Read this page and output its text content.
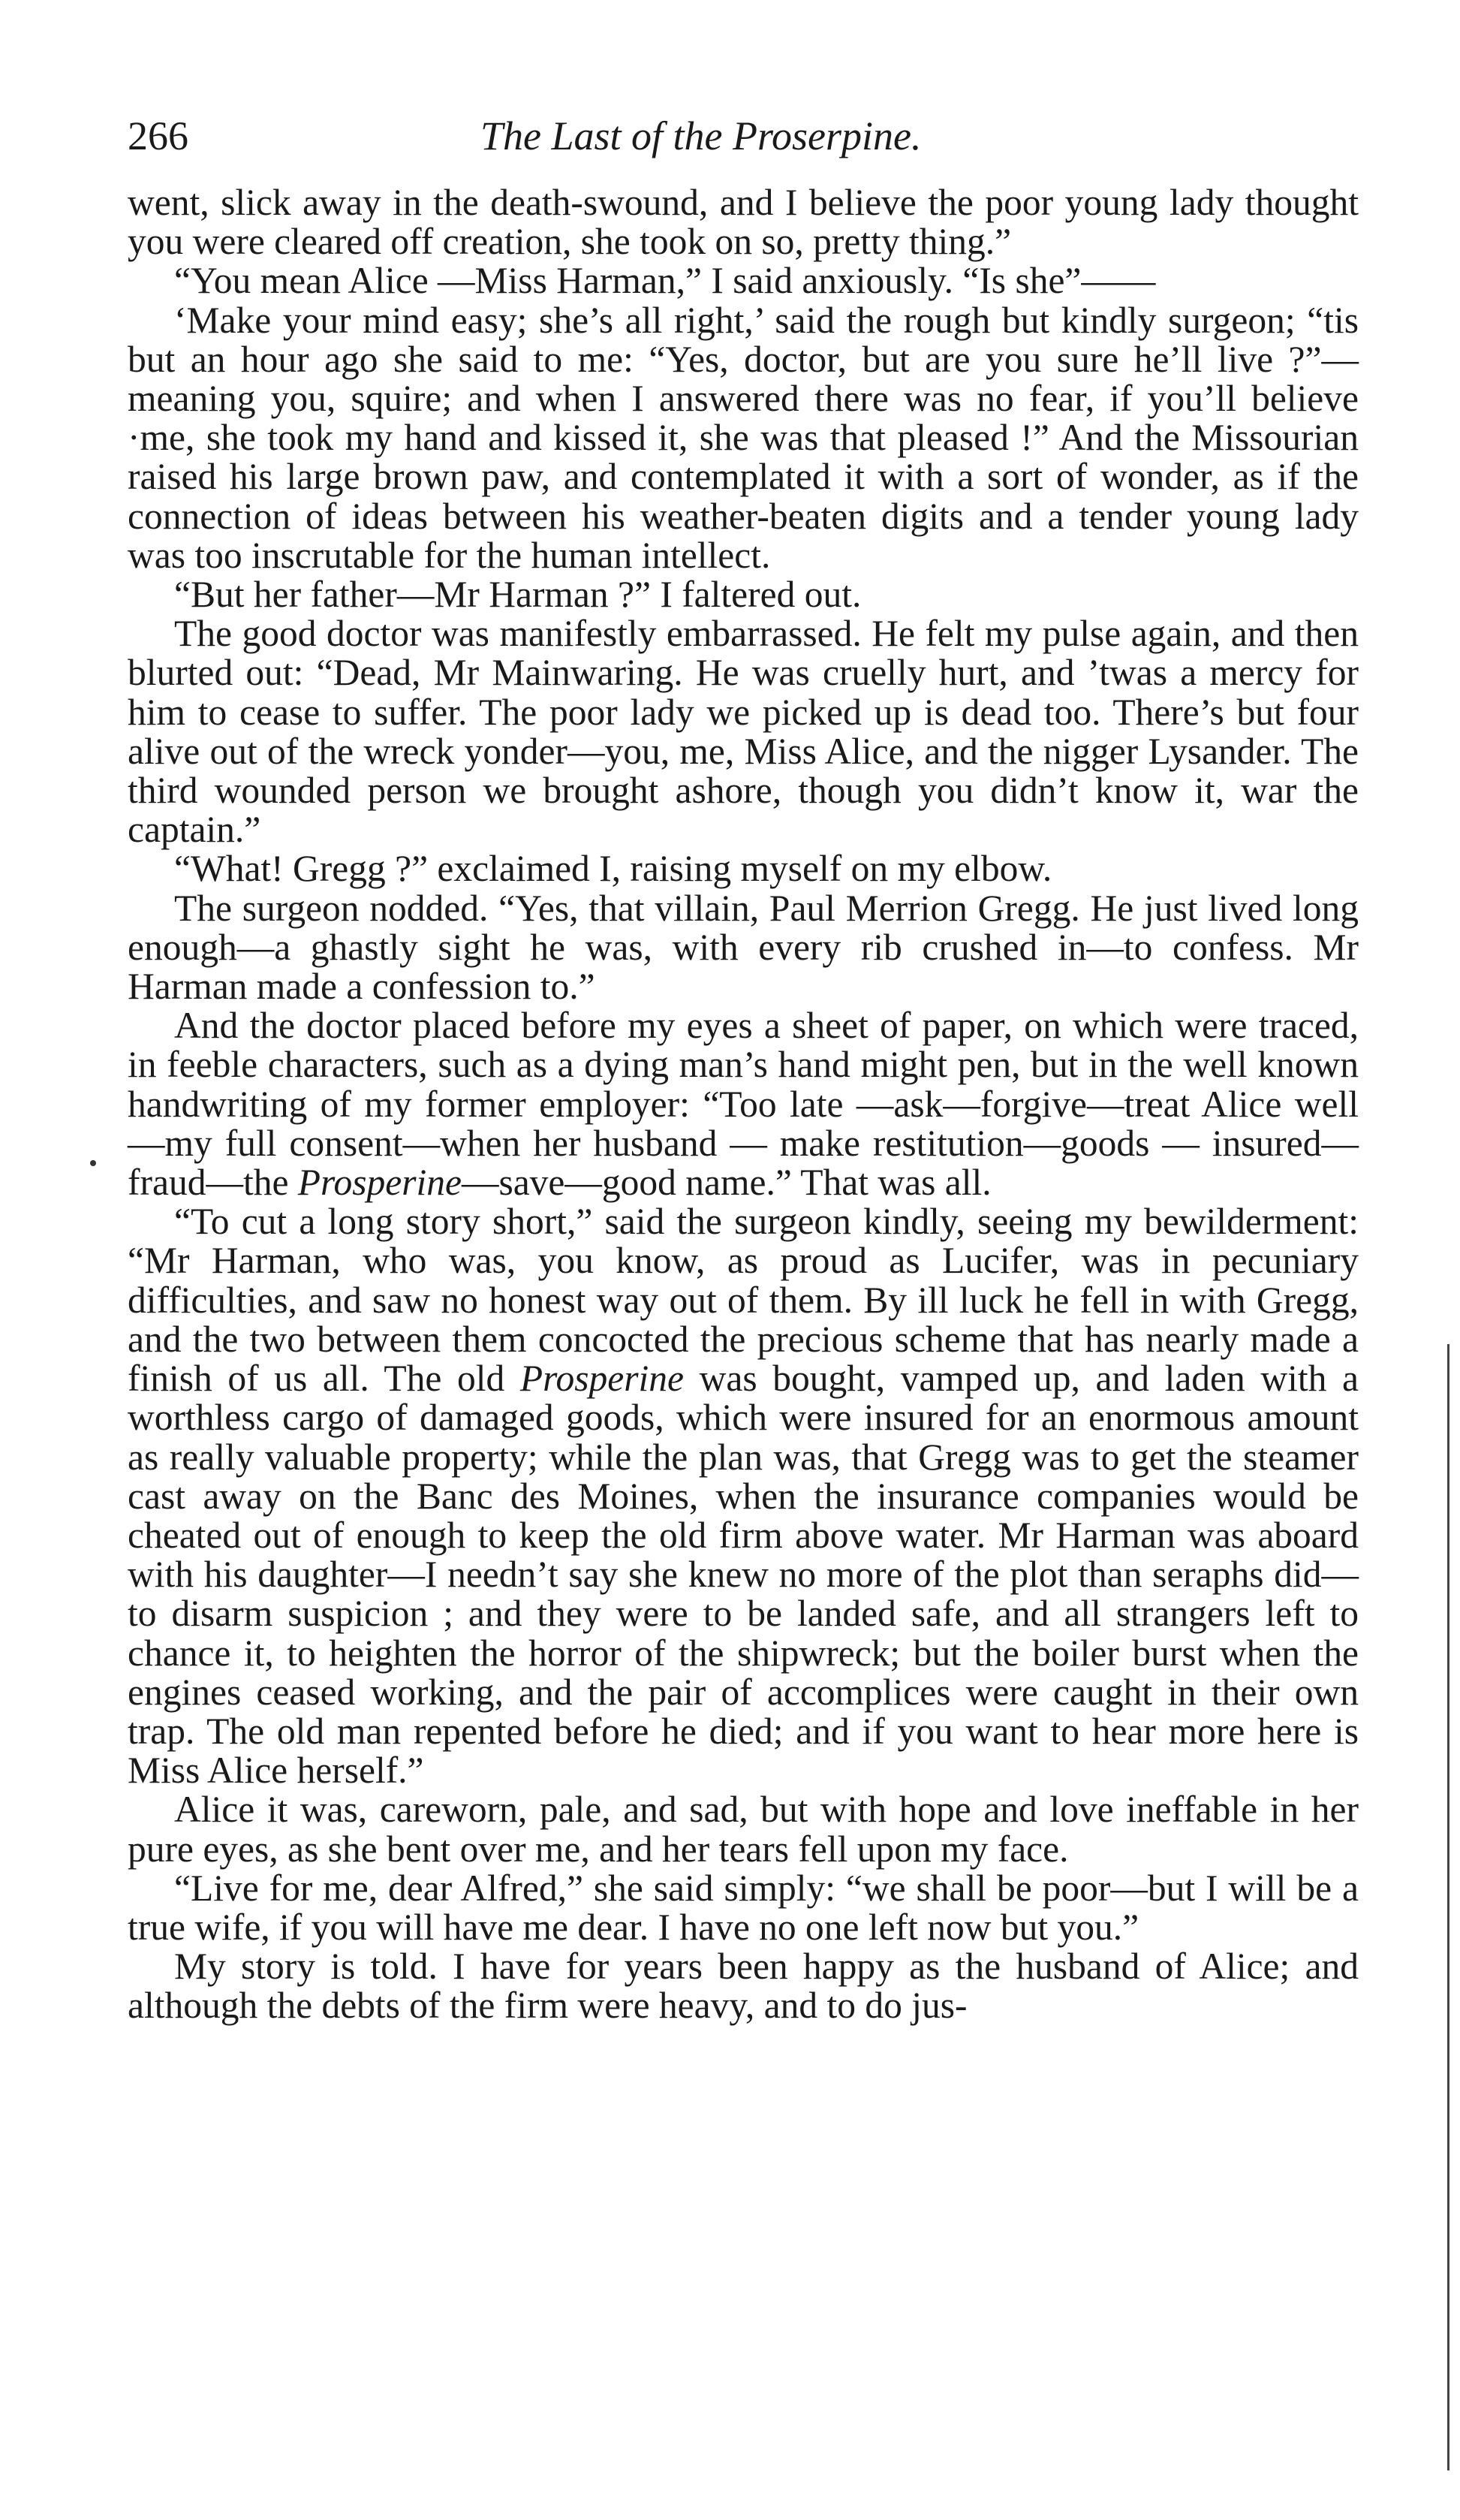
266	The Last of the Proserpine.

went, slick away in the death-swound, and I believe the poor young lady thought you were cleared off creation, she took on so, pretty thing.”

“You mean Alice —Miss Harman,” I said anxiously. “Is she”——

‘Make your mind easy; she’s all right,’ said the rough but kindly surgeon; “tis but an hour ago she said to me: “Yes, doctor, but are you sure he’ll live ?”—meaning you, squire; and when I answered there was no fear, if you’ll believe ·me, she took my hand and kissed it, she was that pleased !” And the Missourian raised his large brown paw, and contemplated it with a sort of wonder, as if the connection of ideas between his weather-beaten digits and a tender young lady was too inscrutable for the human intellect.

“But her father—Mr Harman ?” I faltered out.

The good doctor was manifestly embarrassed. He felt my pulse again, and then blurted out: “Dead, Mr Mainwaring. He was cruelly hurt, and ’twas a mercy for him to cease to suffer. The poor lady we picked up is dead too. There’s but four alive out of the wreck yonder—you, me, Miss Alice, and the nigger Lysander. The third wounded person we brought ashore, though you didn’t know it, war the captain.”

“What! Gregg ?” exclaimed I, raising myself on my elbow.

The surgeon nodded. “Yes, that villain, Paul Merrion Gregg. He just lived long enough—a ghastly sight he was, with every rib crushed in—to confess. Mr Harman made a confession to.”

And the doctor placed before my eyes a sheet of paper, on which were traced, in feeble characters, such as a dying man’s hand might pen, but in the well known handwriting of my former employer: “Too late —ask—forgive—treat Alice well—my full consent—when her husband — make restitution—goods — insured—fraud—the Prosperine—save—good name.” That was all.

“To cut a long story short,” said the surgeon kindly, seeing my bewilderment: “Mr Harman, who was, you know, as proud as Lucifer, was in pecuniary difficulties, and saw no honest way out of them. By ill luck he fell in with Gregg, and the two between them concocted the precious scheme that has nearly made a finish of us all. The old Prosperine was bought, vamped up, and laden with a worthless cargo of damaged goods, which were insured for an enormous amount as really valuable property; while the plan was, that Gregg was to get the steamer cast away on the Banc des Moines, when the insurance companies would be cheated out of enough to keep the old firm above water. Mr Harman was aboard with his daughter—I needn’t say she knew no more of the plot than seraphs did—to disarm suspicion ; and they were to be landed safe, and all strangers left to chance it, to heighten the horror of the shipwreck; but the boiler burst when the engines ceased working, and the pair of accomplices were caught in their own trap. The old man repented before he died; and if you want to hear more here is Miss Alice herself.”

Alice it was, careworn, pale, and sad, but with hope and love ineffable in her pure eyes, as she bent over me, and her tears fell upon my face.

“Live for me, dear Alfred,” she said simply: “we shall be poor—but I will be a true wife, if you will have me dear. I have no one left now but you.”

My story is told. I have for years been happy as the husband of Alice; and although the debts of the firm were heavy, and to do jus-
